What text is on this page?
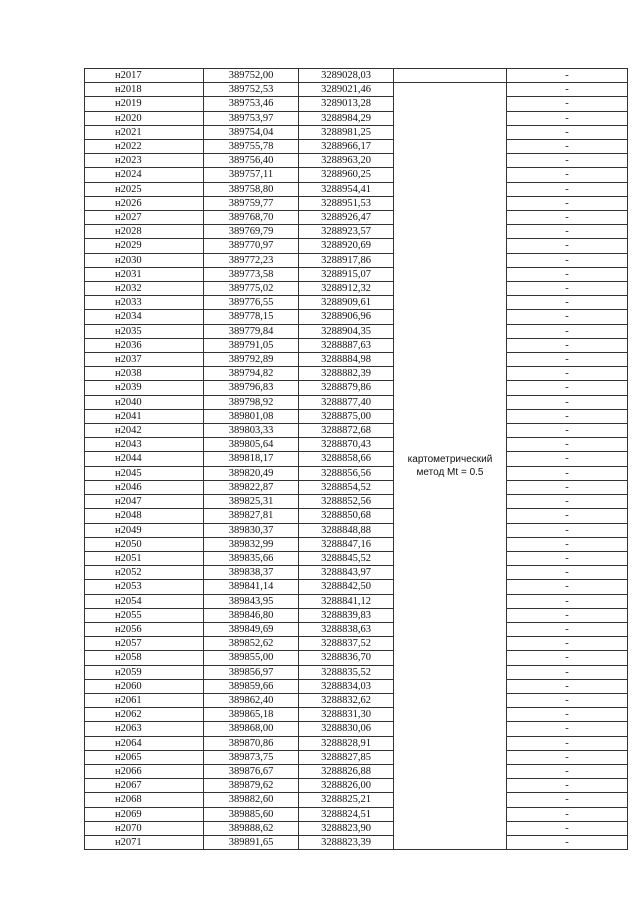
н2017	389752,00	3289028,03		-
н2018	389752,53	3289021,46	картометрический метод Mt = 0.5	-
н2019	389753,46	3289013,28		-
н2020	389753,97	3288984,29		-
н2021	389754,04	3288981,25		-
н2022	389755,78	3288966,17		-
н2023	389756,40	3288963,20		-
н2024	389757,11	3288960,25		-
н2025	389758,80	3288954,41		-
н2026	389759,77	3288951,53		-
н2027	389768,70	3288926,47		-
н2028	389769,79	3288923,57		-
н2029	389770,97	3288920,69		-
н2030	389772,23	3288917,86		-
н2031	389773,58	3288915,07		-
н2032	389775,02	3288912,32		-
н2033	389776,55	3288909,61		-
н2034	389778,15	3288906,96		-
н2035	389779,84	3288904,35		-
н2036	389791,05	3288887,63		-
н2037	389792,89	3288884,98		-
н2038	389794,82	3288882,39		-
н2039	389796,83	3288879,86		-
н2040	389798,92	3288877,40		-
н2041	389801,08	3288875,00		-
н2042	389803,33	3288872,68		-
н2043	389805,64	3288870,43		-
н2044	389818,17	3288858,66		-
н2045	389820,49	3288856,56		-
н2046	389822,87	3288854,52		-
н2047	389825,31	3288852,56		-
н2048	389827,81	3288850,68		-
н2049	389830,37	3288848,88		-
н2050	389832,99	3288847,16		-
н2051	389835,66	3288845,52		-
н2052	389838,37	3288843,97		-
н2053	389841,14	3288842,50		-
н2054	389843,95	3288841,12		-
н2055	389846,80	3288839,83		-
н2056	389849,69	3288838,63		-
н2057	389852,62	3288837,52		-
н2058	389855,00	3288836,70		-
н2059	389856,97	3288835,52		-
н2060	389859,66	3288834,03		-
н2061	389862,40	3288832,62		-
н2062	389865,18	3288831,30		-
н2063	389868,00	3288830,06		-
н2064	389870,86	3288828,91		-
н2065	389873,75	3288827,85		-
н2066	389876,67	3288826,88		-
н2067	389879,62	3288826,00		-
н2068	389882,60	3288825,21		-
н2069	389885,60	3288824,51		-
н2070	389888,62	3288823,90		-
н2071	389891,65	3288823,39		-
